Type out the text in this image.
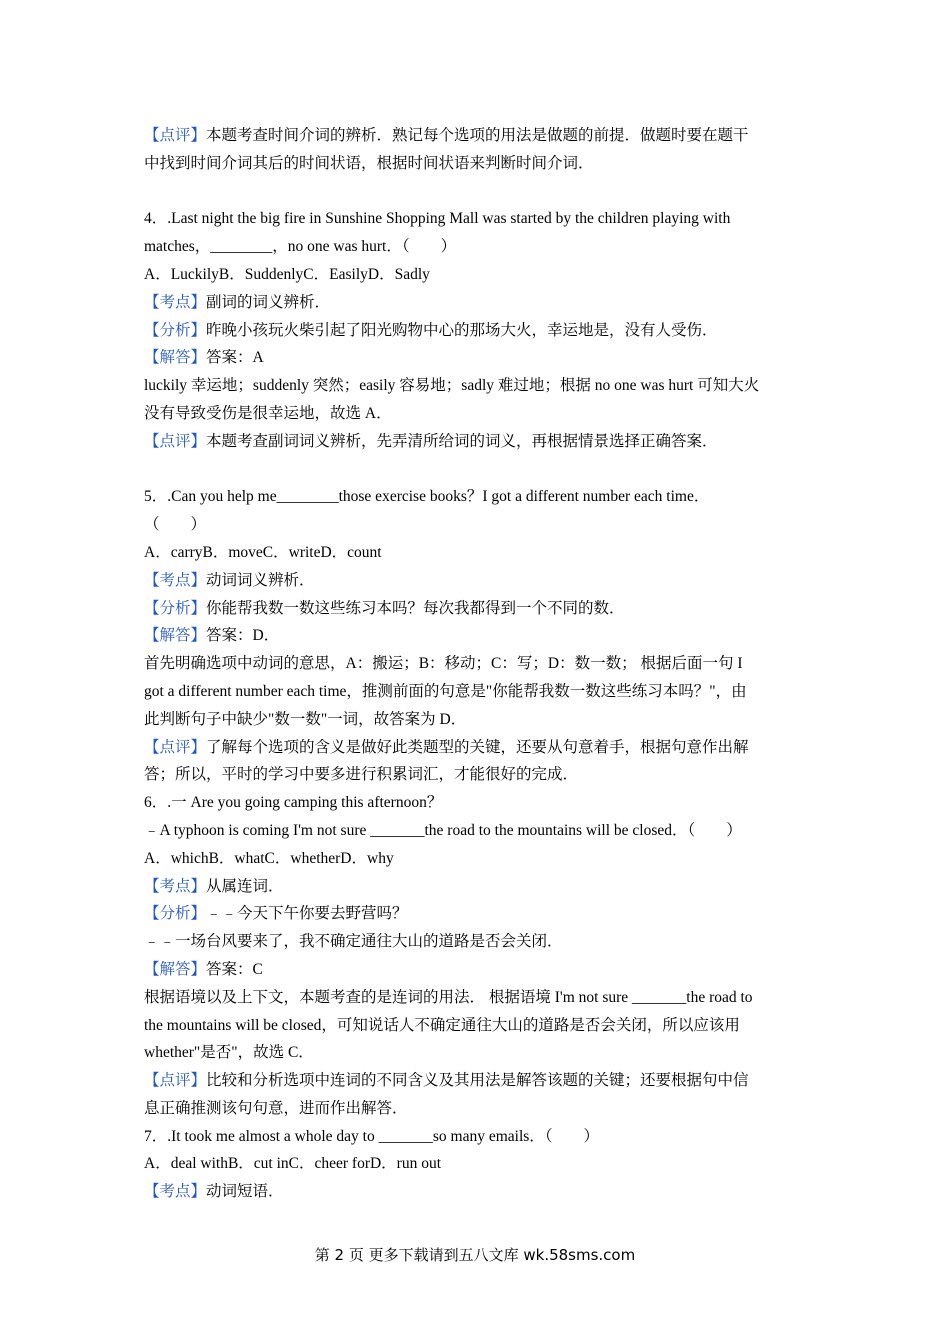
【点评】本题考查时间介词的辨析．熟记每个选项的用法是做题的前提．做题时要在题干

中找到时间介词其后的时间状语，根据时间状语来判断时间介词．

4．.Last night the big fire in Sunshine Shopping Mall was started by the children playing with

matches，________，no one was hurt．（　　）

A．LuckilyB．SuddenlyC．EasilyD．Sadly

【考点】副词的词义辨析．

【分析】昨晚小孩玩火柴引起了阳光购物中心的那场大火，幸运地是，没有人受伤．

【解答】答案：A

luckily 幸运地；suddenly 突然；easily 容易地；sadly 难过地；根据 no one was hurt 可知大火

没有导致受伤是很幸运地，故选 A．

【点评】本题考查副词词义辨析，先弄清所给词的词义，再根据情景选择正确答案．

5．.Can you help me________those exercise books？I got a different number each time．

（　　）

A．carryB．moveC．writeD．count

【考点】动词词义辨析．

【分析】你能帮我数一数这些练习本吗？每次我都得到一个不同的数．

【解答】答案：D．

首先明确选项中动词的意思，A：搬运；B：移动；C：写；D：数一数； 根据后面一句 I

got a different number each time，推测前面的句意是"你能帮我数一数这些练习本吗？"，由

此判断句子中缺少"数一数"一词，故答案为 D．

【点评】了解每个选项的含义是做好此类题型的关键，还要从句意着手，根据句意作出解

答；所以，平时的学习中要多进行积累词汇，才能很好的完成．

6．.一 Are you going camping this afternoon？

﹣A typhoon is coming I'm not sure _______the road to the mountains will be closed．（　　）

A．whichB．whatC．whetherD．why

【考点】从属连词．

【分析】﹣﹣今天下午你要去野营吗？

﹣﹣一场台风要来了，我不确定通往大山的道路是否会关闭．

【解答】答案：C

根据语境以及上下文，本题考查的是连词的用法． 根据语境 I'm not sure _______the road to

the mountains will be closed，可知说话人不确定通往大山的道路是否会关闭，所以应该用

whether"是否"，故选 C．

【点评】比较和分析选项中连词的不同含义及其用法是解答该题的关键；还要根据句中信

息正确推测该句句意，进而作出解答．

7．.It took me almost a whole day to _______so many emails．（　　）

A．deal withB．cut inC．cheer forD．run out

【考点】动词短语．

第 2 页 更多下载请到五八文库 wk.58sms.com
